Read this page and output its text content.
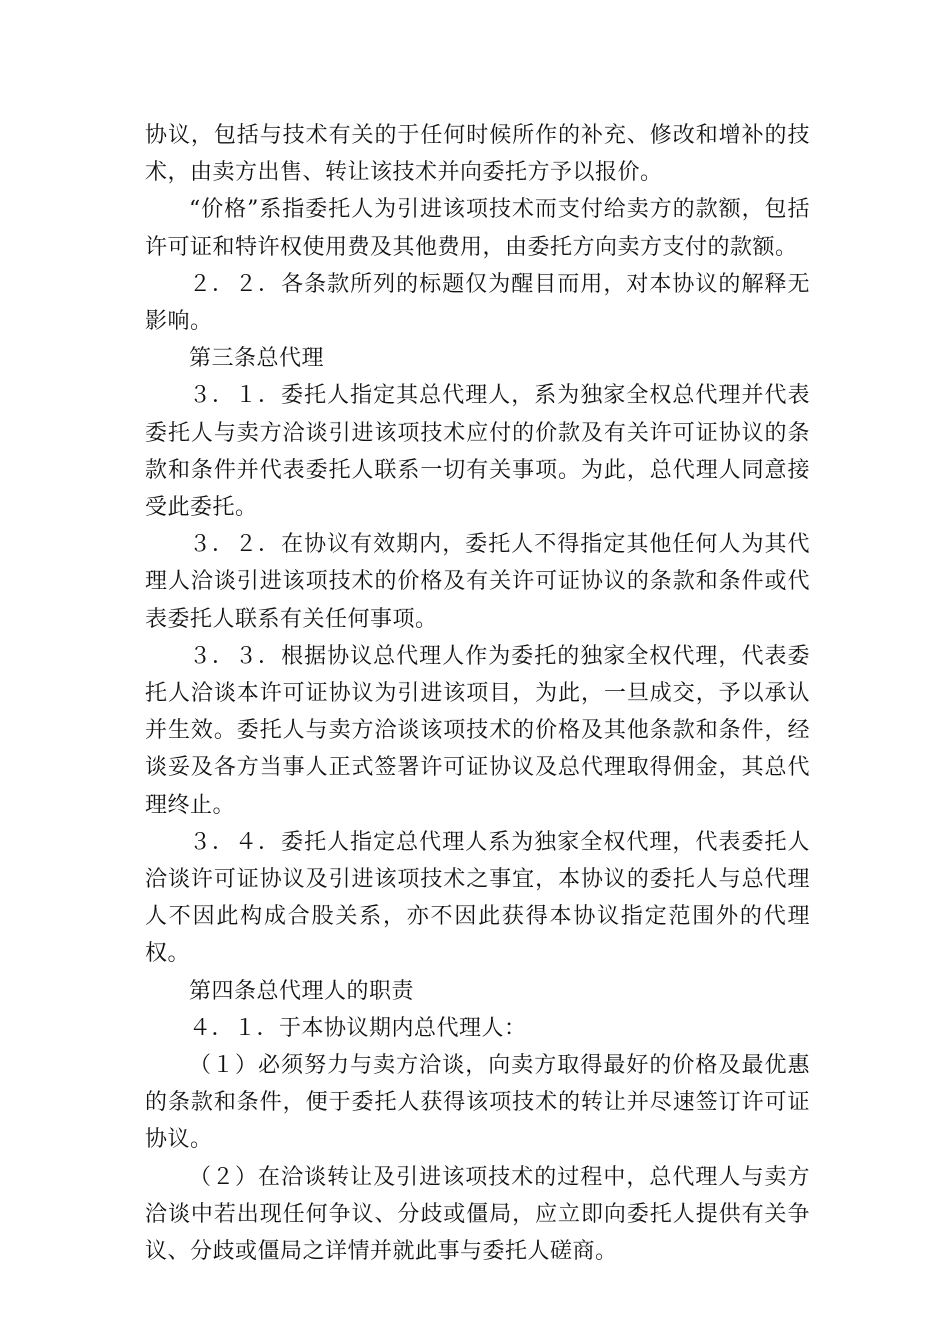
协议，包括与技术有关的于任何时候所作的补充、修改和增补的技术，由卖方出售、转让该技术并向委托方予以报价。

“价格”系指委托人为引进该项技术而支付给卖方的款额，包括许可证和特许权使用费及其他费用，由委托方向卖方支付的款额。

２．２．各条款所列的标题仅为醒目而用，对本协议的解释无影响。

第三条总代理

３．１．委托人指定其总代理人，系为独家全权总代理并代表委托人与卖方洽谈引进该项技术应付的价款及有关许可证协议的条款和条件并代表委托人联系一切有关事项。为此，总代理人同意接受此委托。

３．２．在协议有效期内，委托人不得指定其他任何人为其代理人洽谈引进该项技术的价格及有关许可证协议的条款和条件或代表委托人联系有关任何事项。

３．３．根据协议总代理人作为委托的独家全权代理，代表委托人洽谈本许可证协议为引进该项目，为此，一旦成交，予以承认并生效。委托人与卖方洽谈该项技术的价格及其他条款和条件，经谈妥及各方当事人正式签署许可证协议及总代理取得佣金，其总代理终止。

３．４．委托人指定总代理人系为独家全权代理，代表委托人洽谈许可证协议及引进该项技术之事宜，本协议的委托人与总代理人不因此构成合股关系，亦不因此获得本协议指定范围外的代理权。

第四条总代理人的职责

４．１．于本协议期内总代理人：

（１）必须努力与卖方洽谈，向卖方取得最好的价格及最优惠的条款和条件，便于委托人获得该项技术的转让并尽速签订许可证协议。

（２）在洽谈转让及引进该项技术的过程中，总代理人与卖方洽谈中若出现任何争议、分歧或僵局，应立即向委托人提供有关争议、分歧或僵局之详情并就此事与委托人磋商。
